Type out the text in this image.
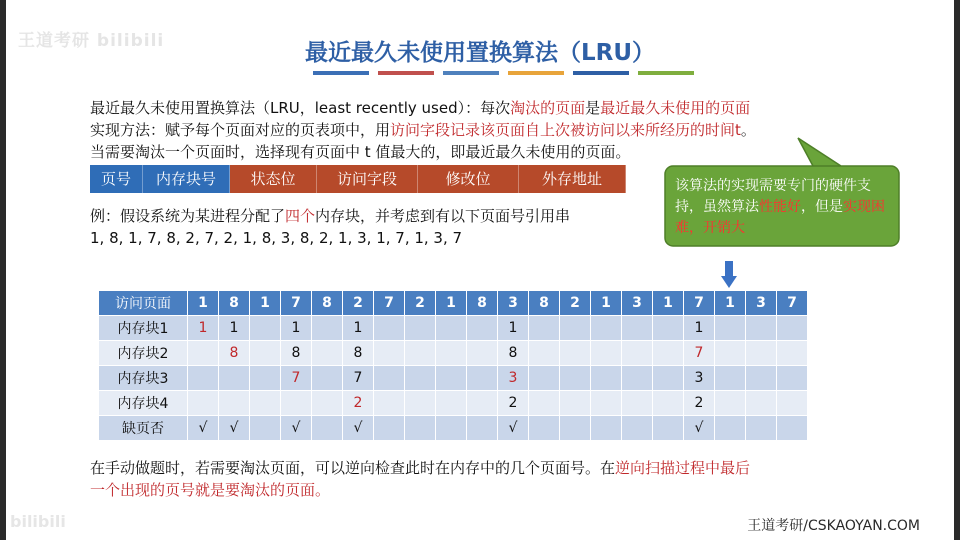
王道考研 bilibili	最近最久未使用置换算法（LRU）
最近最久未使用置换算法（LRU，least recently used）：每次淘汰的页面是最近最久未使用的页面
实现方法：赋予每个页面对应的页表项中，用访问字段记录该页面自上次被访问以来所经历的时间t。
当需要淘汰一个页面时，选择现有页面中 t 值最大的，即最近最久未使用的页面。
页号	内存块号	状态位	访问字段	修改位	外存地址
例：假设系统为某进程分配了四个内存块，并考虑到有以下页面号引用串
1, 8, 1, 7, 8, 2, 7, 2, 1, 8, 3, 8, 2, 1, 3, 1, 7, 1, 3, 7
该算法的实现需要专门的硬件支持，虽然算法性能好，但是实现困难，开销大
访问页面	1	8	1	7	8	2	7	2	1	8	3	8	2	1	3	1	7	1	3	7
内存块1	1	1		1		1					1						1			
内存块2		8		8		8					8						7			
内存块3				7		7					3						3			
内存块4						2					2						2			
缺页否	√	√		√		√					√						√			
在手动做题时，若需要淘汰页面，可以逆向检查此时在内存中的几个页面号。在逆向扫描过程中最后
一个出现的页号就是要淘汰的页面。
bilibili	王道考研/CSKAOYAN.COM
